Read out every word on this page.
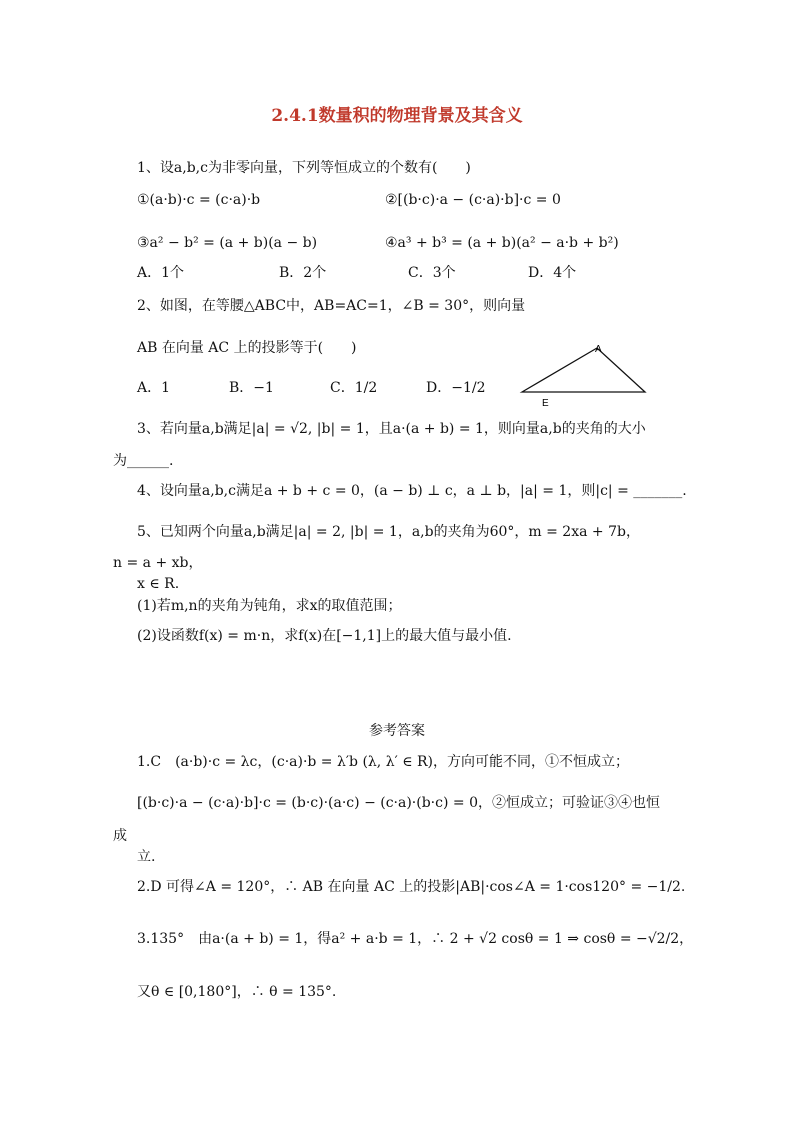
2.4.1数量积的物理背景及其含义
1、设a,b,c为非零向量，下列等恒成立的个数有(　　)
①(a·b)·c = (c·a)·b	②[(b·c)·a − (c·a)·b]·c = 0
③a² − b² = (a + b)(a − b)	④a³ + b³ = (a + b)(a² − a·b + b²)
A．1个	B．2个	C．3个	D．4个
2、如图，在等腰△ABC中，AB=AC=1，∠B = 30°，则向量
AB 在向量 AC 上的投影等于(　　)
A．1	B．−1	C．1/2	D．−1/2
A
E
3、若向量a,b满足|a| = √2, |b| = 1，且a·(a + b) = 1，则向量a,b的夹角的大小
为______.
4、设向量a,b,c满足a + b + c = 0，(a − b) ⊥ c，a ⊥ b，|a| = 1，则|c| = _______.
5、已知两个向量a,b满足|a| = 2, |b| = 1，a,b的夹角为60°，m = 2xa + 7b，
n = a + xb，
x ∈ R.
(1)若m,n的夹角为钝角，求x的取值范围；
(2)设函数f(x) = m·n，求f(x)在[−1,1]上的最大值与最小值.
参考答案
1.C　(a·b)·c = λc，(c·a)·b = λ′b (λ, λ′ ∈ R)，方向可能不同，①不恒成立；
[(b·c)·a − (c·a)·b]·c = (b·c)·(a·c) − (c·a)·(b·c) = 0，②恒成立；可验证③④也恒
成
立.
2.D 可得∠A = 120°，∴ AB 在向量 AC 上的投影|AB|·cos∠A = 1·cos120° = −1/2.
3.135°　由a·(a + b) = 1，得a² + a·b = 1，∴ 2 + √2 cosθ = 1 ⇒ cosθ = −√2/2，
又θ ∈ [0,180°]，∴ θ = 135°.
